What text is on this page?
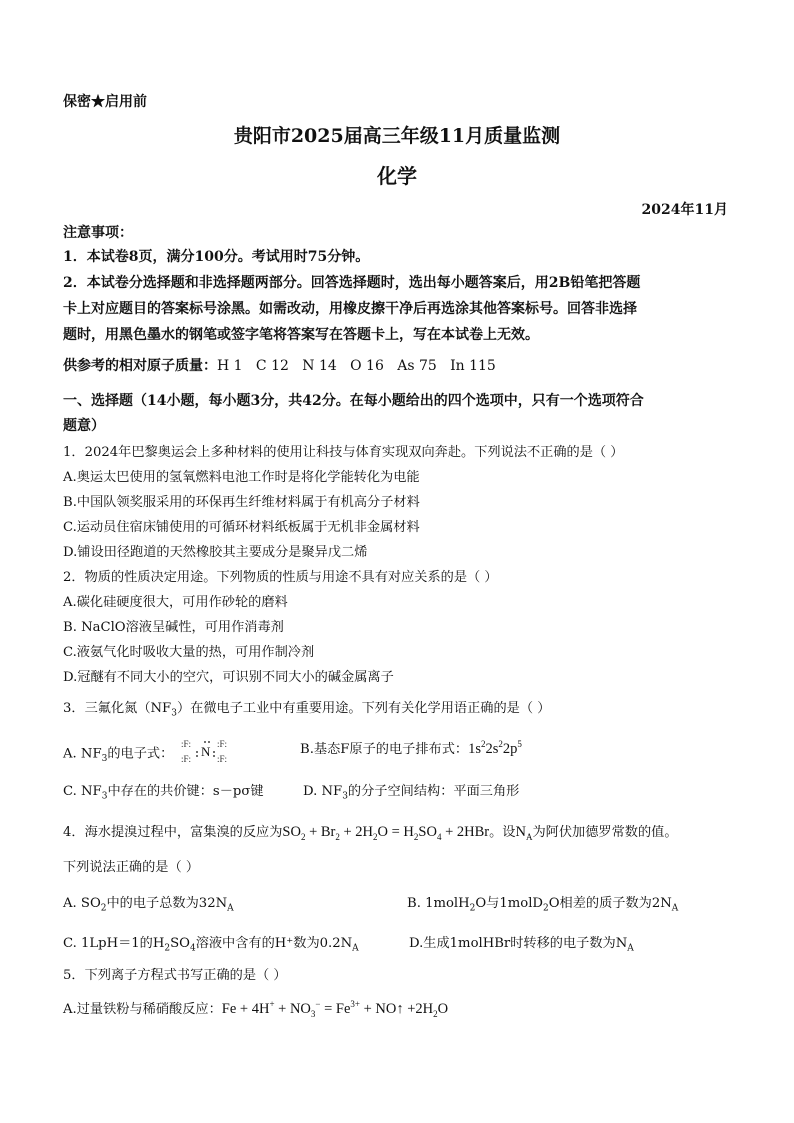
保密★启用前
贵阳市2025届高三年级11月质量监测
化学
2024年11月
注意事项：
1．本试卷8页，满分100分。考试用时75分钟。
2．本试卷分选择题和非选择题两部分。回答选择题时，选出每小题答案后，用2B铅笔把答题
卡上对应题目的答案标号涂黑。如需改动，用橡皮擦干净后再选涂其他答案标号。回答非选择
题时，用黑色墨水的钢笔或签字笔将答案写在答题卡上，写在本试卷上无效。
供参考的相对原子质量：H 1   C 12   N 14   O 16   As 75   In 115
一、选择题（14小题，每小题3分，共42分。在每小题给出的四个选项中，只有一个选项符合
题意）
1．2024年巴黎奥运会上多种材料的使用让科技与体育实现双向奔赴。下列说法不正确的是（ ）
A.奥运太巴使用的氢氧燃料电池工作时是将化学能转化为电能
B.中国队领奖服采用的环保再生纤维材料属于有机高分子材料
C.运动员住宿床铺使用的可循环材料纸板属于无机非金属材料
D.铺设田径跑道的天然橡胶其主要成分是聚异戊二烯
2．物质的性质决定用途。下列物质的性质与用途不具有对应关系的是（ ）
A.碳化硅硬度很大，可用作砂轮的磨料
B. NaClO溶液呈碱性，可用作消毒剂
C.液氨气化时吸收大量的热，可用作制冷剂
D.冠醚有不同大小的空穴，可识别不同大小的碱金属离子
3．三氟化氮$(NF_3)$在微电子工业中有重要用途。下列有关化学用语正确的是（ ）
A. $NF_3$的电子式：
:F: N :F:
:F:	:F:
B.基态F原子的电子排布式：$1s^22s^22p^5$
C. $NF_3$中存在的共价键：s－pσ键	D. $NF_3$的分子空间结构：平面三角形
4．海水提溴过程中，富集溴的反应为$SO_2 + Br_2 + 2H_2O = H_2SO_4 + 2HBr$。设$N_A$为阿伏加德罗常数的值。
下列说法正确的是（ ）
A. $SO_2$中的电子总数为$32N_A$	B. 1molH$_2$O与1molD$_2$O相差的质子数为$2N_A$
C. 1LpH＝1的$H_2SO_4$溶液中含有的H⁺数为$0.2N_A$	D.生成1molHBr时转移的电子数为$N_A$
5．下列离子方程式书写正确的是（ ）
A.过量铁粉与稀硝酸反应：$Fe + 4H^+ + NO_3^- = Fe^{3+}$ + NO↑ $+2H_2O$
